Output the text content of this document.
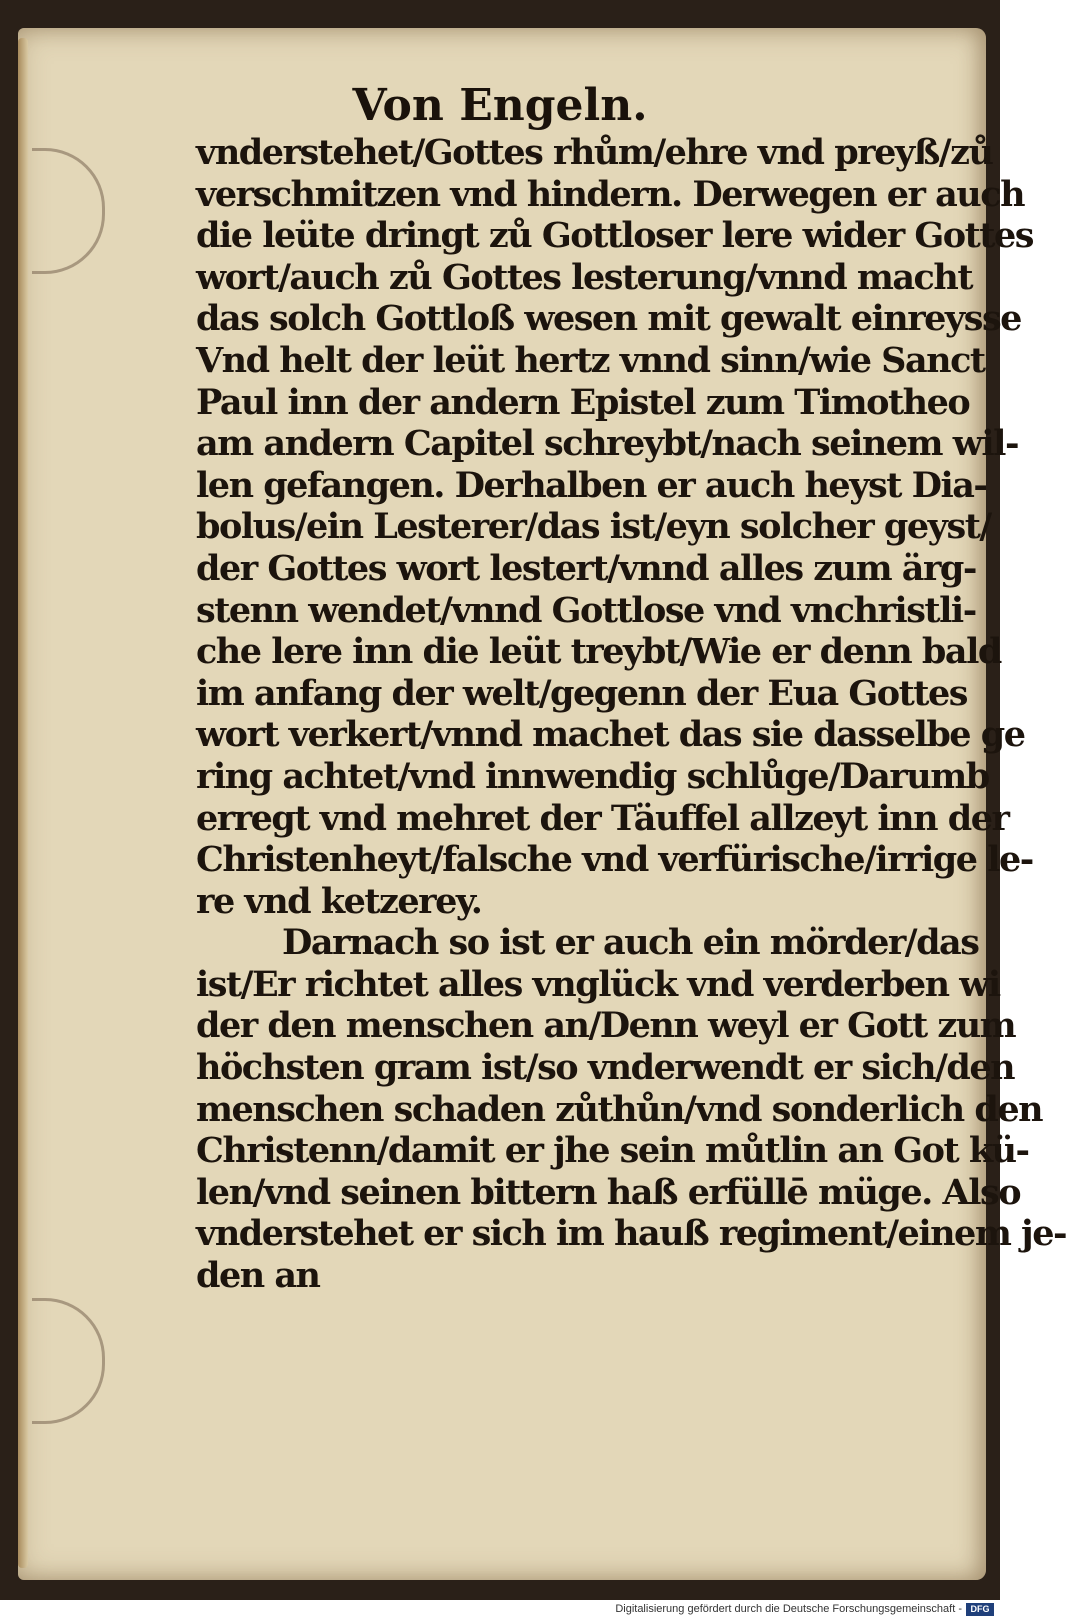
Von Engeln.
vnderstehet/Gottes rhům/ehre vnd preyß/zů
verschmitzen vnd hindern. Derwegen er auch
die leüte dringt zů Gottloser lere wider Gottes
wort/auch zů Gottes lesterung/vnnd macht
das solch Gottloß wesen mit gewalt einreysse
Vnd helt der leüt hertz vnnd sinn/wie Sanct
Paul inn der andern Epistel zum Timotheo
am andern Capitel schreybt/nach seinem wil-
len gefangen. Derhalben er auch heyst Dia-
bolus/ein Lesterer/das ist/eyn solcher geyst/
der Gottes wort lestert/vnnd alles zum ärg-
stenn wendet/vnnd Gottlose vnd vnchristli-
che lere inn die leüt treybt/Wie er denn bald
im anfang der welt/gegenn der Eua Gottes
wort verkert/vnnd machet das sie dasselbe ge
ring achtet/vnd innwendig schlůge/Darumb
erregt vnd mehret der Täuffel allzeyt inn der
Christenheyt/falsche vnd verfürische/irrige le-
re vnd ketzerey.
Darnach so ist er auch ein mörder/das
ist/Er richtet alles vnglück vnd verderben wi
der den menschen an/Denn weyl er Gott zum
höchsten gram ist/so vnderwendt er sich/den
menschen schaden zůthůn/vnd sonderlich den
Christenn/damit er jhe sein můtlin an Got kü-
len/vnd seinen bittern haß erfüllē müge. Also
vnderstehet er sich im hauß regiment/einem je-
den an
Digitalisierung gefördert durch die Deutsche Forschungsgemeinschaft - DFG
